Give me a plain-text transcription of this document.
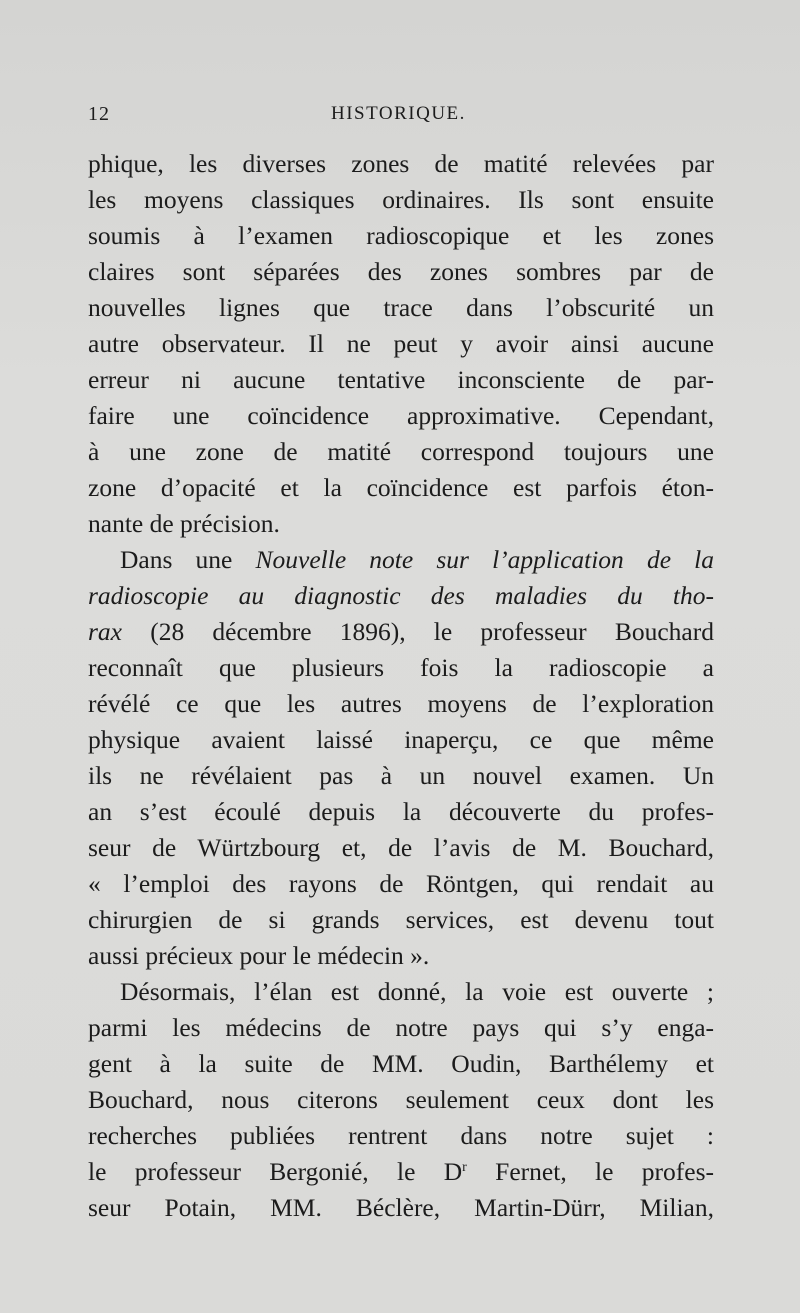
12	HISTORIQUE.
phique, les diverses zones de matité relevées par
les moyens classiques ordinaires. Ils sont ensuite
soumis à l’examen radioscopique et les zones
claires sont séparées des zones sombres par de
nouvelles lignes que trace dans l’obscurité un
autre observateur. Il ne peut y avoir ainsi aucune
erreur ni aucune tentative inconsciente de par-
faire une coïncidence approximative. Cependant,
à une zone de matité correspond toujours une
zone d’opacité et la coïncidence est parfois éton-
nante de précision.
Dans une Nouvelle note sur l’application de la
radioscopie au diagnostic des maladies du tho-
rax (28 décembre 1896), le professeur Bouchard
reconnaît que plusieurs fois la radioscopie a
révélé ce que les autres moyens de l’exploration
physique avaient laissé inaperçu, ce que même
ils ne révélaient pas à un nouvel examen. Un
an s’est écoulé depuis la découverte du profes-
seur de Würtzbourg et, de l’avis de M. Bouchard,
« l’emploi des rayons de Röntgen, qui rendait au
chirurgien de si grands services, est devenu tout
aussi précieux pour le médecin ».
Désormais, l’élan est donné, la voie est ouverte ;
parmi les médecins de notre pays qui s’y enga-
gent à la suite de MM. Oudin, Barthélemy et
Bouchard, nous citerons seulement ceux dont les
recherches publiées rentrent dans notre sujet :
le professeur Bergonié, le $D^r$ Fernet, le profes-
seur Potain, MM. Béclère, Martin-Dürr, Milian,
